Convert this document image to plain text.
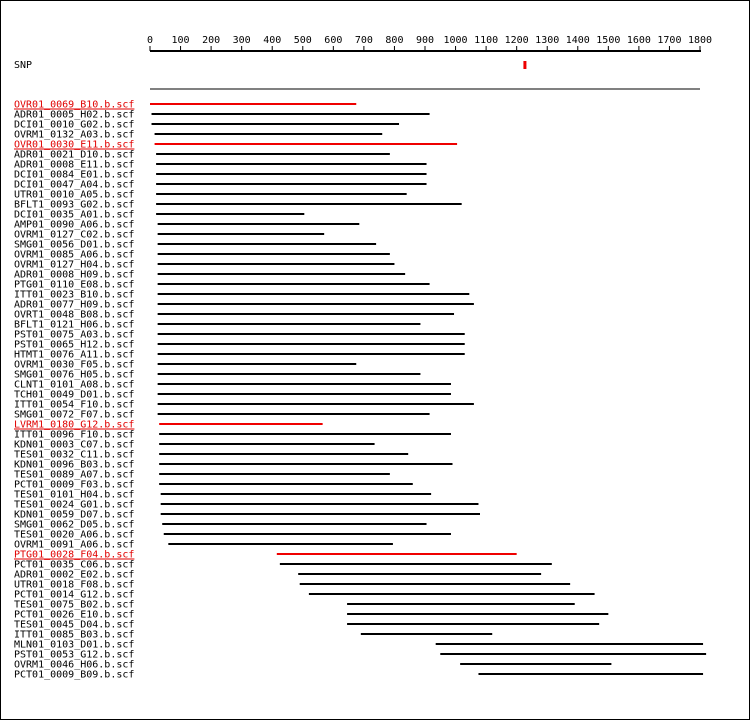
0 100 200 300 400 500 600 700 800 900 1000 1100 1200 1300 1400 1500 1600 1700 1800
SNP
OVR01_0069_B10.b.scf
ADR01_0005_H02.b.scf
DCI01_0010_G02.b.scf
OVRM1_0132_A03.b.scf
OVR01_0030_E11.b.scf
ADR01_0021_D10.b.scf
ADR01_0008_E11.b.scf
DCI01_0084_E01.b.scf
DCI01_0047_A04.b.scf
UTR01_0010_A05.b.scf
BFLT1_0093_G02.b.scf
DCI01_0035_A01.b.scf
AMP01_0090_A06.b.scf
OVRM1_0127_C02.b.scf
SMG01_0056_D01.b.scf
OVRM1_0085_A06.b.scf
OVRM1_0127_H04.b.scf
ADR01_0008_H09.b.scf
PTG01_0110_E08.b.scf
ITT01_0023_B10.b.scf
ADR01_0077_H09.b.scf
OVRT1_0048_B08.b.scf
BFLT1_0121_H06.b.scf
PST01_0075_A03.b.scf
PST01_0065_H12.b.scf
HTMT1_0076_A11.b.scf
OVRM1_0030_F05.b.scf
SMG01_0076_H05.b.scf
CLNT1_0101_A08.b.scf
TCH01_0049_D01.b.scf
ITT01_0054_F10.b.scf
SMG01_0072_F07.b.scf
LVRM1_0180_G12.b.scf
ITT01_0096_F10.b.scf
KDN01_0003_C07.b.scf
TES01_0032_C11.b.scf
KDN01_0096_B03.b.scf
TES01_0089_A07.b.scf
PCT01_0009_F03.b.scf
TES01_0101_H04.b.scf
TES01_0024_G01.b.scf
KDN01_0059_D07.b.scf
SMG01_0062_D05.b.scf
TES01_0020_A06.b.scf
OVRM1_0091_A06.b.scf
PTG01_0028_F04.b.scf
PCT01_0035_C06.b.scf
ADR01_0002_E02.b.scf
UTR01_0018_F08.b.scf
PCT01_0014_G12.b.scf
TES01_0075_B02.b.scf
PCT01_0026_E10.b.scf
TES01_0045_D04.b.scf
ITT01_0085_B03.b.scf
MLN01_0103_D01.b.scf
PST01_0053_G12.b.scf
OVRM1_0046_H06.b.scf
PCT01_0009_B09.b.scf
